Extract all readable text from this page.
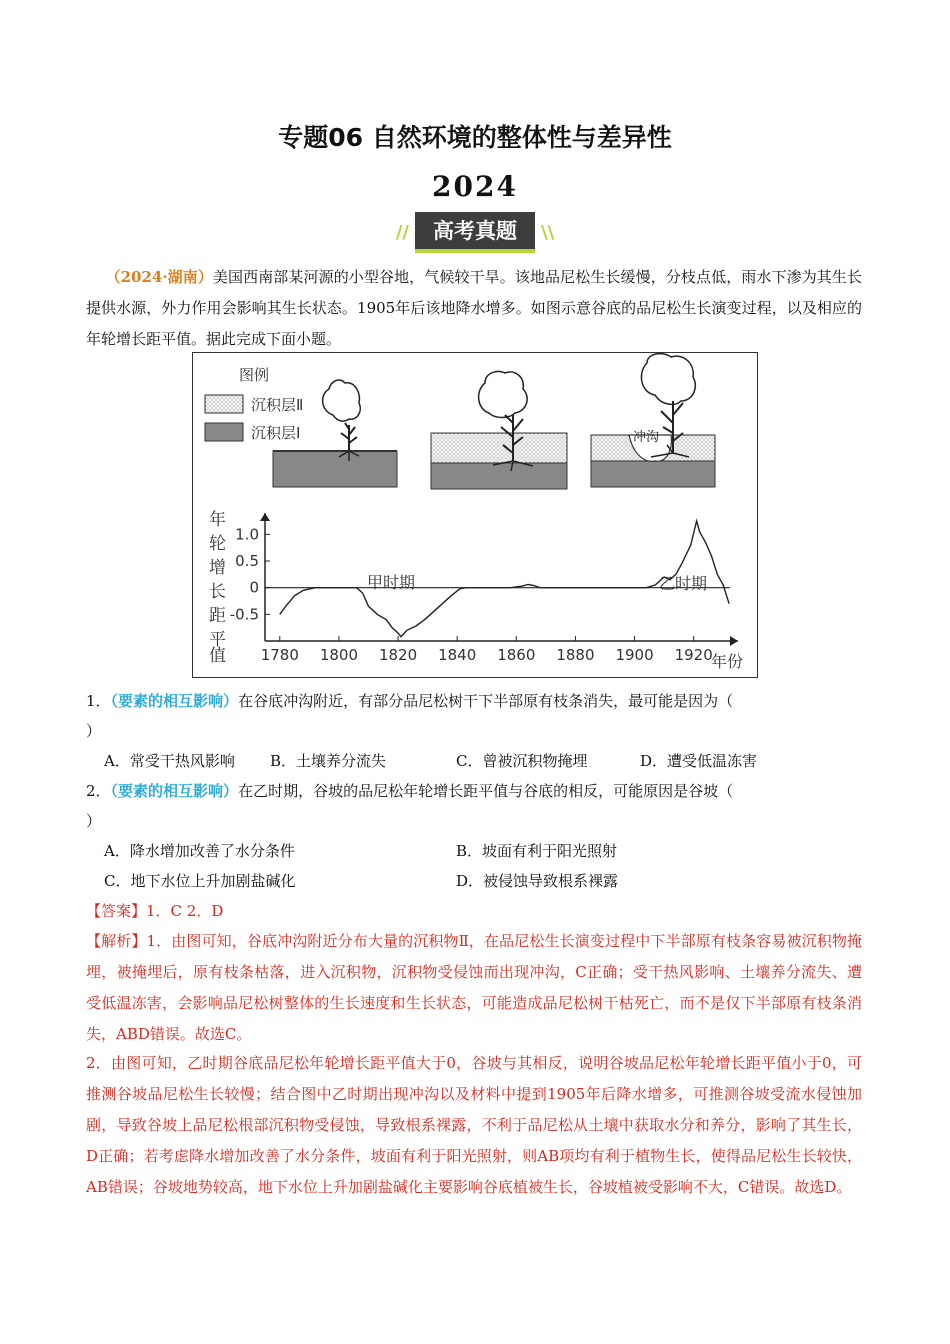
专题06 自然环境的整体性与差异性
2024
// 高考真题 \\
（2024·湖南）美国西南部某河源的小型谷地，气候较干旱。该地品尼松生长缓慢，分枝点低，雨水下渗为其生长提供水源，外力作用会影响其生长状态。1905年后该地降水增多。如图示意谷底的品尼松生长演变过程，以及相应的年轮增长距平值。据此完成下面小题。
图例
沉积层Ⅱ
沉积层Ⅰ	冲沟
年
轮
增
长
距
平
值
-0.5
0
0.5
1.0
1780 1800 1820 1840 1860 1880 1900 1920
甲时期	乙时期
年份
1．（要素的相互影响）在谷底冲沟附近，有部分品尼松树干下半部原有枝条消失，最可能是因为（
）
A．常受干热风影响 B．土壤养分流失	C．曾被沉积物掩埋	D．遭受低温冻害
2．（要素的相互影响）在乙时期，谷坡的品尼松年轮增长距平值与谷底的相反，可能原因是谷坡（
）
A．降水增加改善了水分条件	B．坡面有利于阳光照射
C．地下水位上升加剧盐碱化	D．被侵蚀导致根系裸露
【答案】1．C 2．D
【解析】1．由图可知，谷底冲沟附近分布大量的沉积物Ⅱ，在品尼松生长演变过程中下半部原有枝条容易被沉积物掩埋，被掩埋后，原有枝条枯落，进入沉积物，沉积物受侵蚀而出现冲沟，C正确；受干热风影响、土壤养分流失、遭受低温冻害，会影响品尼松树整体的生长速度和生长状态，可能造成品尼松树干枯死亡，而不是仅下半部原有枝条消失，ABD错误。故选C。
2．由图可知，乙时期谷底品尼松年轮增长距平值大于0，谷坡与其相反，说明谷坡品尼松年轮增长距平值小于0，可推测谷坡品尼松生长较慢；结合图中乙时期出现冲沟以及材料中提到1905年后降水增多，可推测谷坡受流水侵蚀加剧，导致谷坡上品尼松根部沉积物受侵蚀，导致根系裸露，不利于品尼松从土壤中获取水分和养分，影响了其生长，D正确；若考虑降水增加改善了水分条件，坡面有利于阳光照射，则AB项均有利于植物生长，使得品尼松生长较快，AB错误；谷坡地势较高，地下水位上升加剧盐碱化主要影响谷底植被生长，谷坡植被受影响不大，C错误。故选D。
